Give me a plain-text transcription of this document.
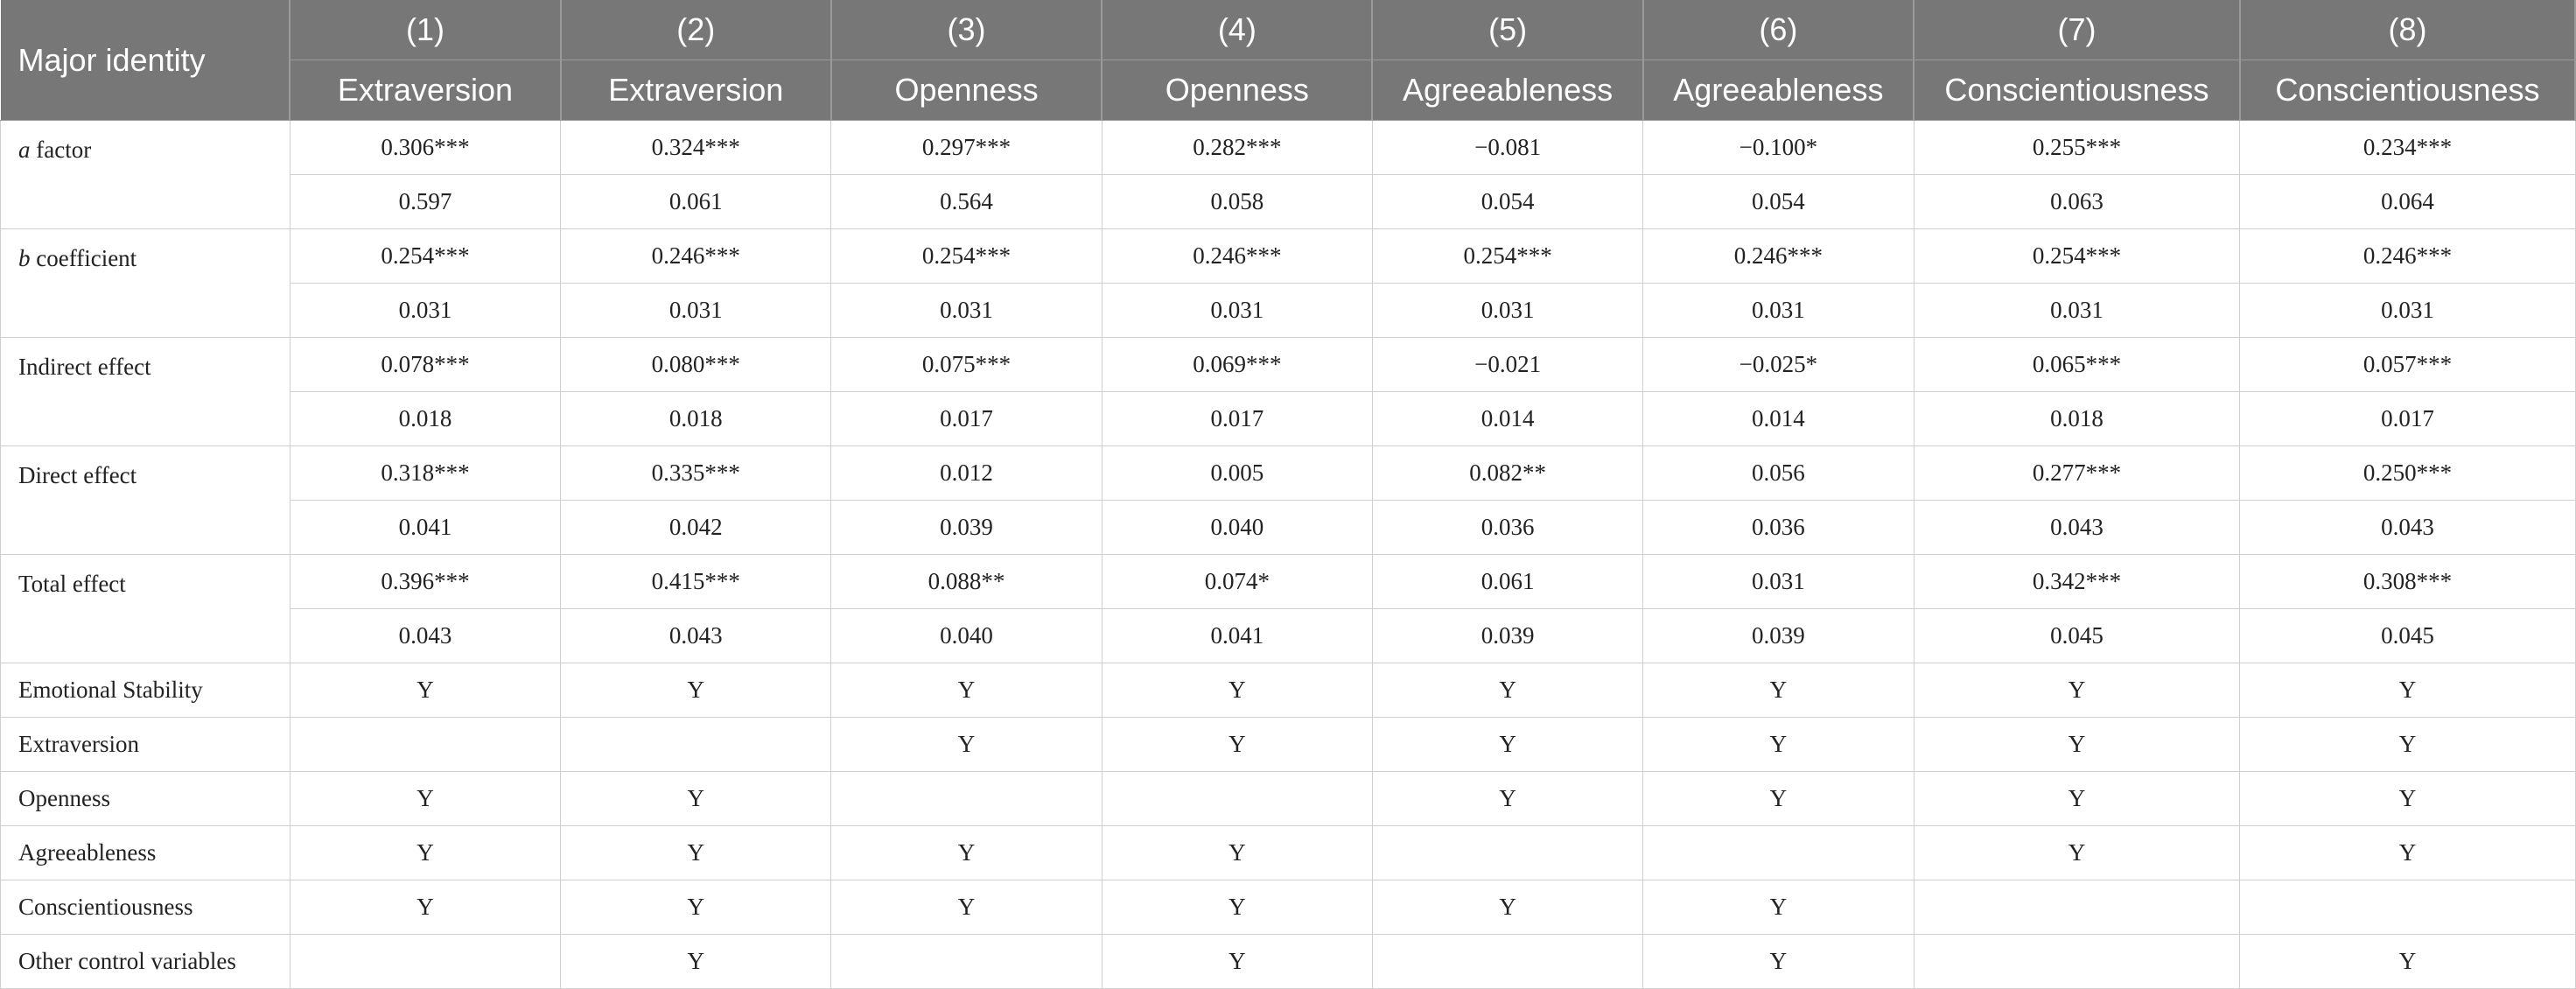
Major identity	(1)	(2)	(3)	(4)	(5)	(6)	(7)	(8)
	Extraversion	Extraversion	Openness	Openness	Agreeableness	Agreeableness	Conscientiousness	Conscientiousness
a factor	0.306***	0.324***	0.297***	0.282***	−0.081	−0.100*	0.255***	0.234***
	0.597	0.061	0.564	0.058	0.054	0.054	0.063	0.064
b coefficient	0.254***	0.246***	0.254***	0.246***	0.254***	0.246***	0.254***	0.246***
	0.031	0.031	0.031	0.031	0.031	0.031	0.031	0.031
Indirect effect	0.078***	0.080***	0.075***	0.069***	−0.021	−0.025*	0.065***	0.057***
	0.018	0.018	0.017	0.017	0.014	0.014	0.018	0.017
Direct effect	0.318***	0.335***	0.012	0.005	0.082**	0.056	0.277***	0.250***
	0.041	0.042	0.039	0.040	0.036	0.036	0.043	0.043
Total effect	0.396***	0.415***	0.088**	0.074*	0.061	0.031	0.342***	0.308***
	0.043	0.043	0.040	0.041	0.039	0.039	0.045	0.045
Emotional Stability	Y	Y	Y	Y	Y	Y	Y	Y
Extraversion			Y	Y	Y	Y	Y	Y
Openness	Y	Y			Y	Y	Y	Y
Agreeableness	Y	Y	Y	Y			Y	Y
Conscientiousness	Y	Y	Y	Y	Y	Y		
Other control variables		Y		Y		Y		Y
